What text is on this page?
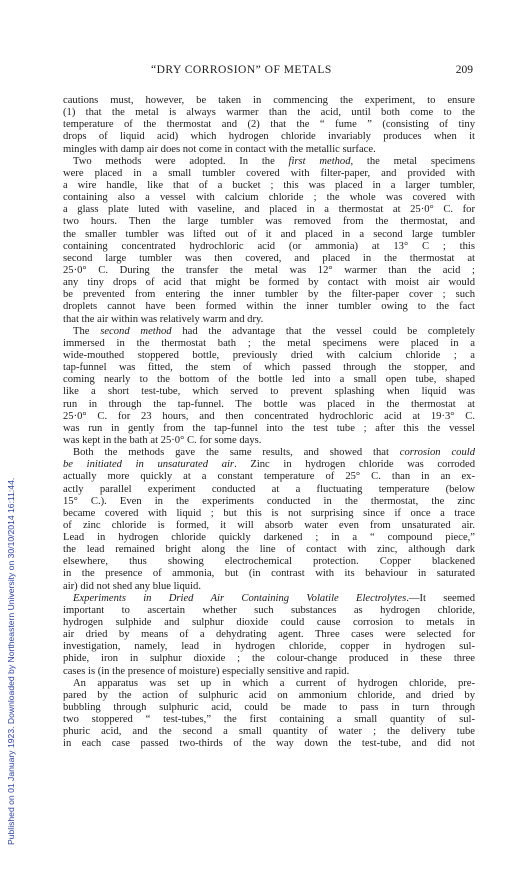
“DRY CORROSION” OF METALS	209
Published on 01 January 1923. Downloaded by Northeastern University on 30/10/2014 16:11:44.
cautions must, however, be taken in commencing the experiment, to ensure
(1) that the metal is always warmer than the acid, until both come to the
temperature of the thermostat and (2) that the “ fume ” (consisting of tiny
drops of liquid acid) which hydrogen chloride invariably produces when it
mingles with damp air does not come in contact with the metallic surface.
Two methods were adopted. In the first method, the metal specimens
were placed in a small tumbler covered with filter-paper, and provided with
a wire handle, like that of a bucket ; this was placed in a larger tumbler,
containing also a vessel with calcium chloride ; the whole was covered with
a glass plate luted with vaseline, and placed in a thermostat at 25·0° C. for
two hours. Then the large tumbler was removed from the thermostat, and
the smaller tumbler was lifted out of it and placed in a second large tumbler
containing concentrated hydrochloric acid (or ammonia) at 13° C ; this
second large tumbler was then covered, and placed in the thermostat at
25·0° C. During the transfer the metal was 12° warmer than the acid ;
any tiny drops of acid that might be formed by contact with moist air would
be prevented from entering the inner tumbler by the filter-paper cover ; such
droplets cannot have been formed within the inner tumbler owing to the fact
that the air within was relatively warm and dry.
The second method had the advantage that the vessel could be completely
immersed in the thermostat bath ; the metal specimens were placed in a
wide-mouthed stoppered bottle, previously dried with calcium chloride ; a
tap-funnel was fitted, the stem of which passed through the stopper, and
coming nearly to the bottom of the bottle led into a small open tube, shaped
like a short test-tube, which served to prevent splashing when liquid was
run in through the tap-funnel. The bottle was placed in the thermostat at
25·0° C. for 23 hours, and then concentrated hydrochloric acid at 19·3° C.
was run in gently from the tap-funnel into the test tube ; after this the vessel
was kept in the bath at 25·0° C. for some days.
Both the methods gave the same results, and showed that corrosion could
be initiated in unsaturated air. Zinc in hydrogen chloride was corroded
actually more quickly at a constant temperature of 25° C. than in an ex-
actly parallel experiment conducted at a fluctuating temperature (below
15° C.). Even in the experiments conducted in the thermostat, the zinc
became covered with liquid ; but this is not surprising since if once a trace
of zinc chloride is formed, it will absorb water even from unsaturated air.
Lead in hydrogen chloride quickly darkened ; in a “ compound piece,”
the lead remained bright along the line of contact with zinc, although dark
elsewhere, thus showing electrochemical protection. Copper blackened
in the presence of ammonia, but (in contrast with its behaviour in saturated
air) did not shed any blue liquid.
Experiments in Dried Air Containing Volatile Electrolytes.—It seemed
important to ascertain whether such substances as hydrogen chloride,
hydrogen sulphide and sulphur dioxide could cause corrosion to metals in
air dried by means of a dehydrating agent. Three cases were selected for
investigation, namely, lead in hydrogen chloride, copper in hydrogen sul-
phide, iron in sulphur dioxide ; the colour-change produced in these three
cases is (in the presence of moisture) especially sensitive and rapid.
An apparatus was set up in which a current of hydrogen chloride, pre-
pared by the action of sulphuric acid on ammonium chloride, and dried by
bubbling through sulphuric acid, could be made to pass in turn through
two stoppered “ test-tubes,” the first containing a small quantity of sul-
phuric acid, and the second a small quantity of water ; the delivery tube
in each case passed two-thirds of the way down the test-tube, and did not
